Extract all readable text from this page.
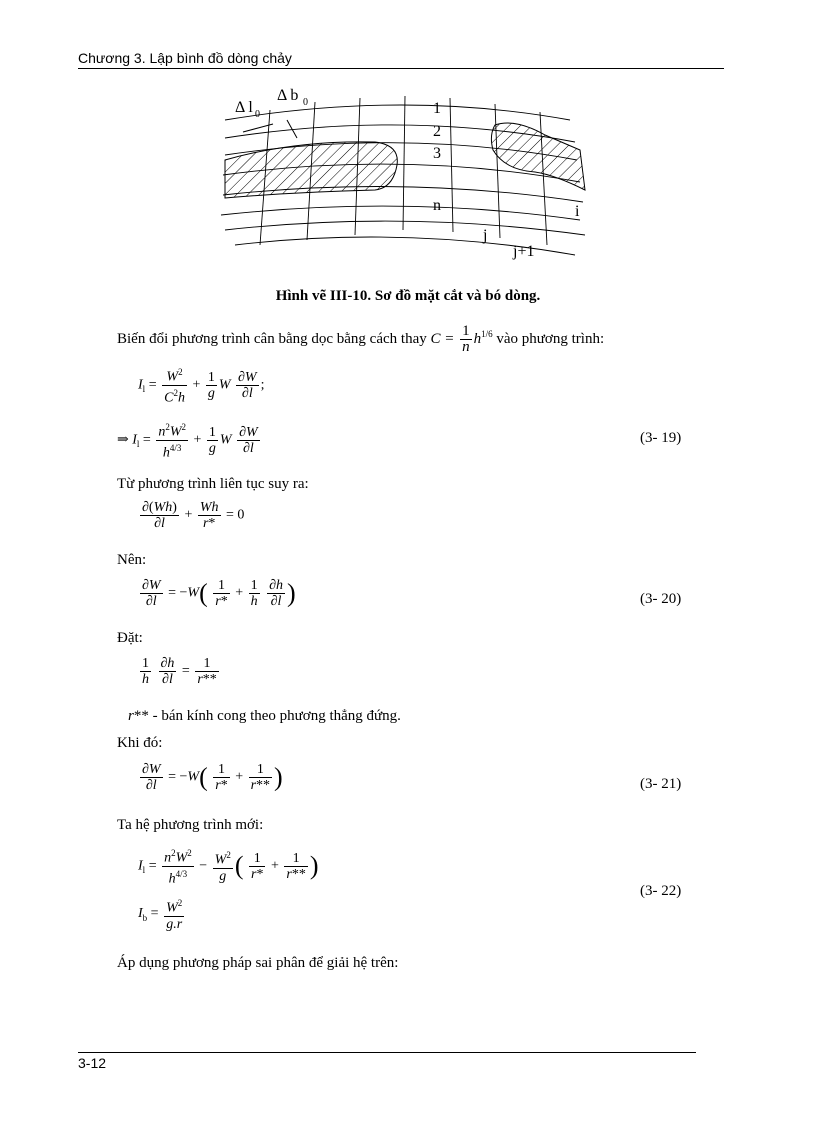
Chương 3. Lập bình đồ dòng chảy
Δ l 0
Δ b 0	1
2
3
n	i
j
j+1
Hình vẽ III-10. Sơ đồ mặt cắt và bó dòng.
Biến đổi phương trình cân bằng dọc bằng cách thay $C = \frac{1}{n} h^{1/6}$ vào phương trình:
$I_l = \frac{W^2}{C^2h} + \frac{1}{g}$ W $\frac{\partial W}{\partial l}$ ;
⇒ $I_l = \frac{n^2W^2}{h^{4/3}} + \frac{1}{g}$ W $\frac{\partial W}{\partial l}$	(3- 19)
Từ phương trình liên tục suy ra:
$\frac{\partial(Wh)}{\partial l} + \frac{Wh}{r*} = 0$
Nên:
$\frac{\partial W}{\partial l} = -W( \frac{1}{r*} + \frac{1}{h}$
$\frac{\partial h}{\partial l}$ )	(3- 20)
Đặt:
$\frac{1}{h}$
$\frac{\partial h}{\partial l} = \frac{1}{r**}$
r** - bán kính cong theo phương thẳng đứng.
Khi đó:
$\frac{\partial W}{\partial l} = -W( \frac{1}{r*} + \frac{1}{r**}$ )	(3- 21)
Ta hệ phương trình mới:
$I_l = \frac{n^2W^2}{h^{4/3}} - \frac{W^2}{g}$ ( $\frac{1}{r*} + \frac{1}{r**}$ )
$I_b = \frac{W^2}{g.r}$
(3- 22)
Áp dụng phương pháp sai phân để giải hệ trên:
3-12
